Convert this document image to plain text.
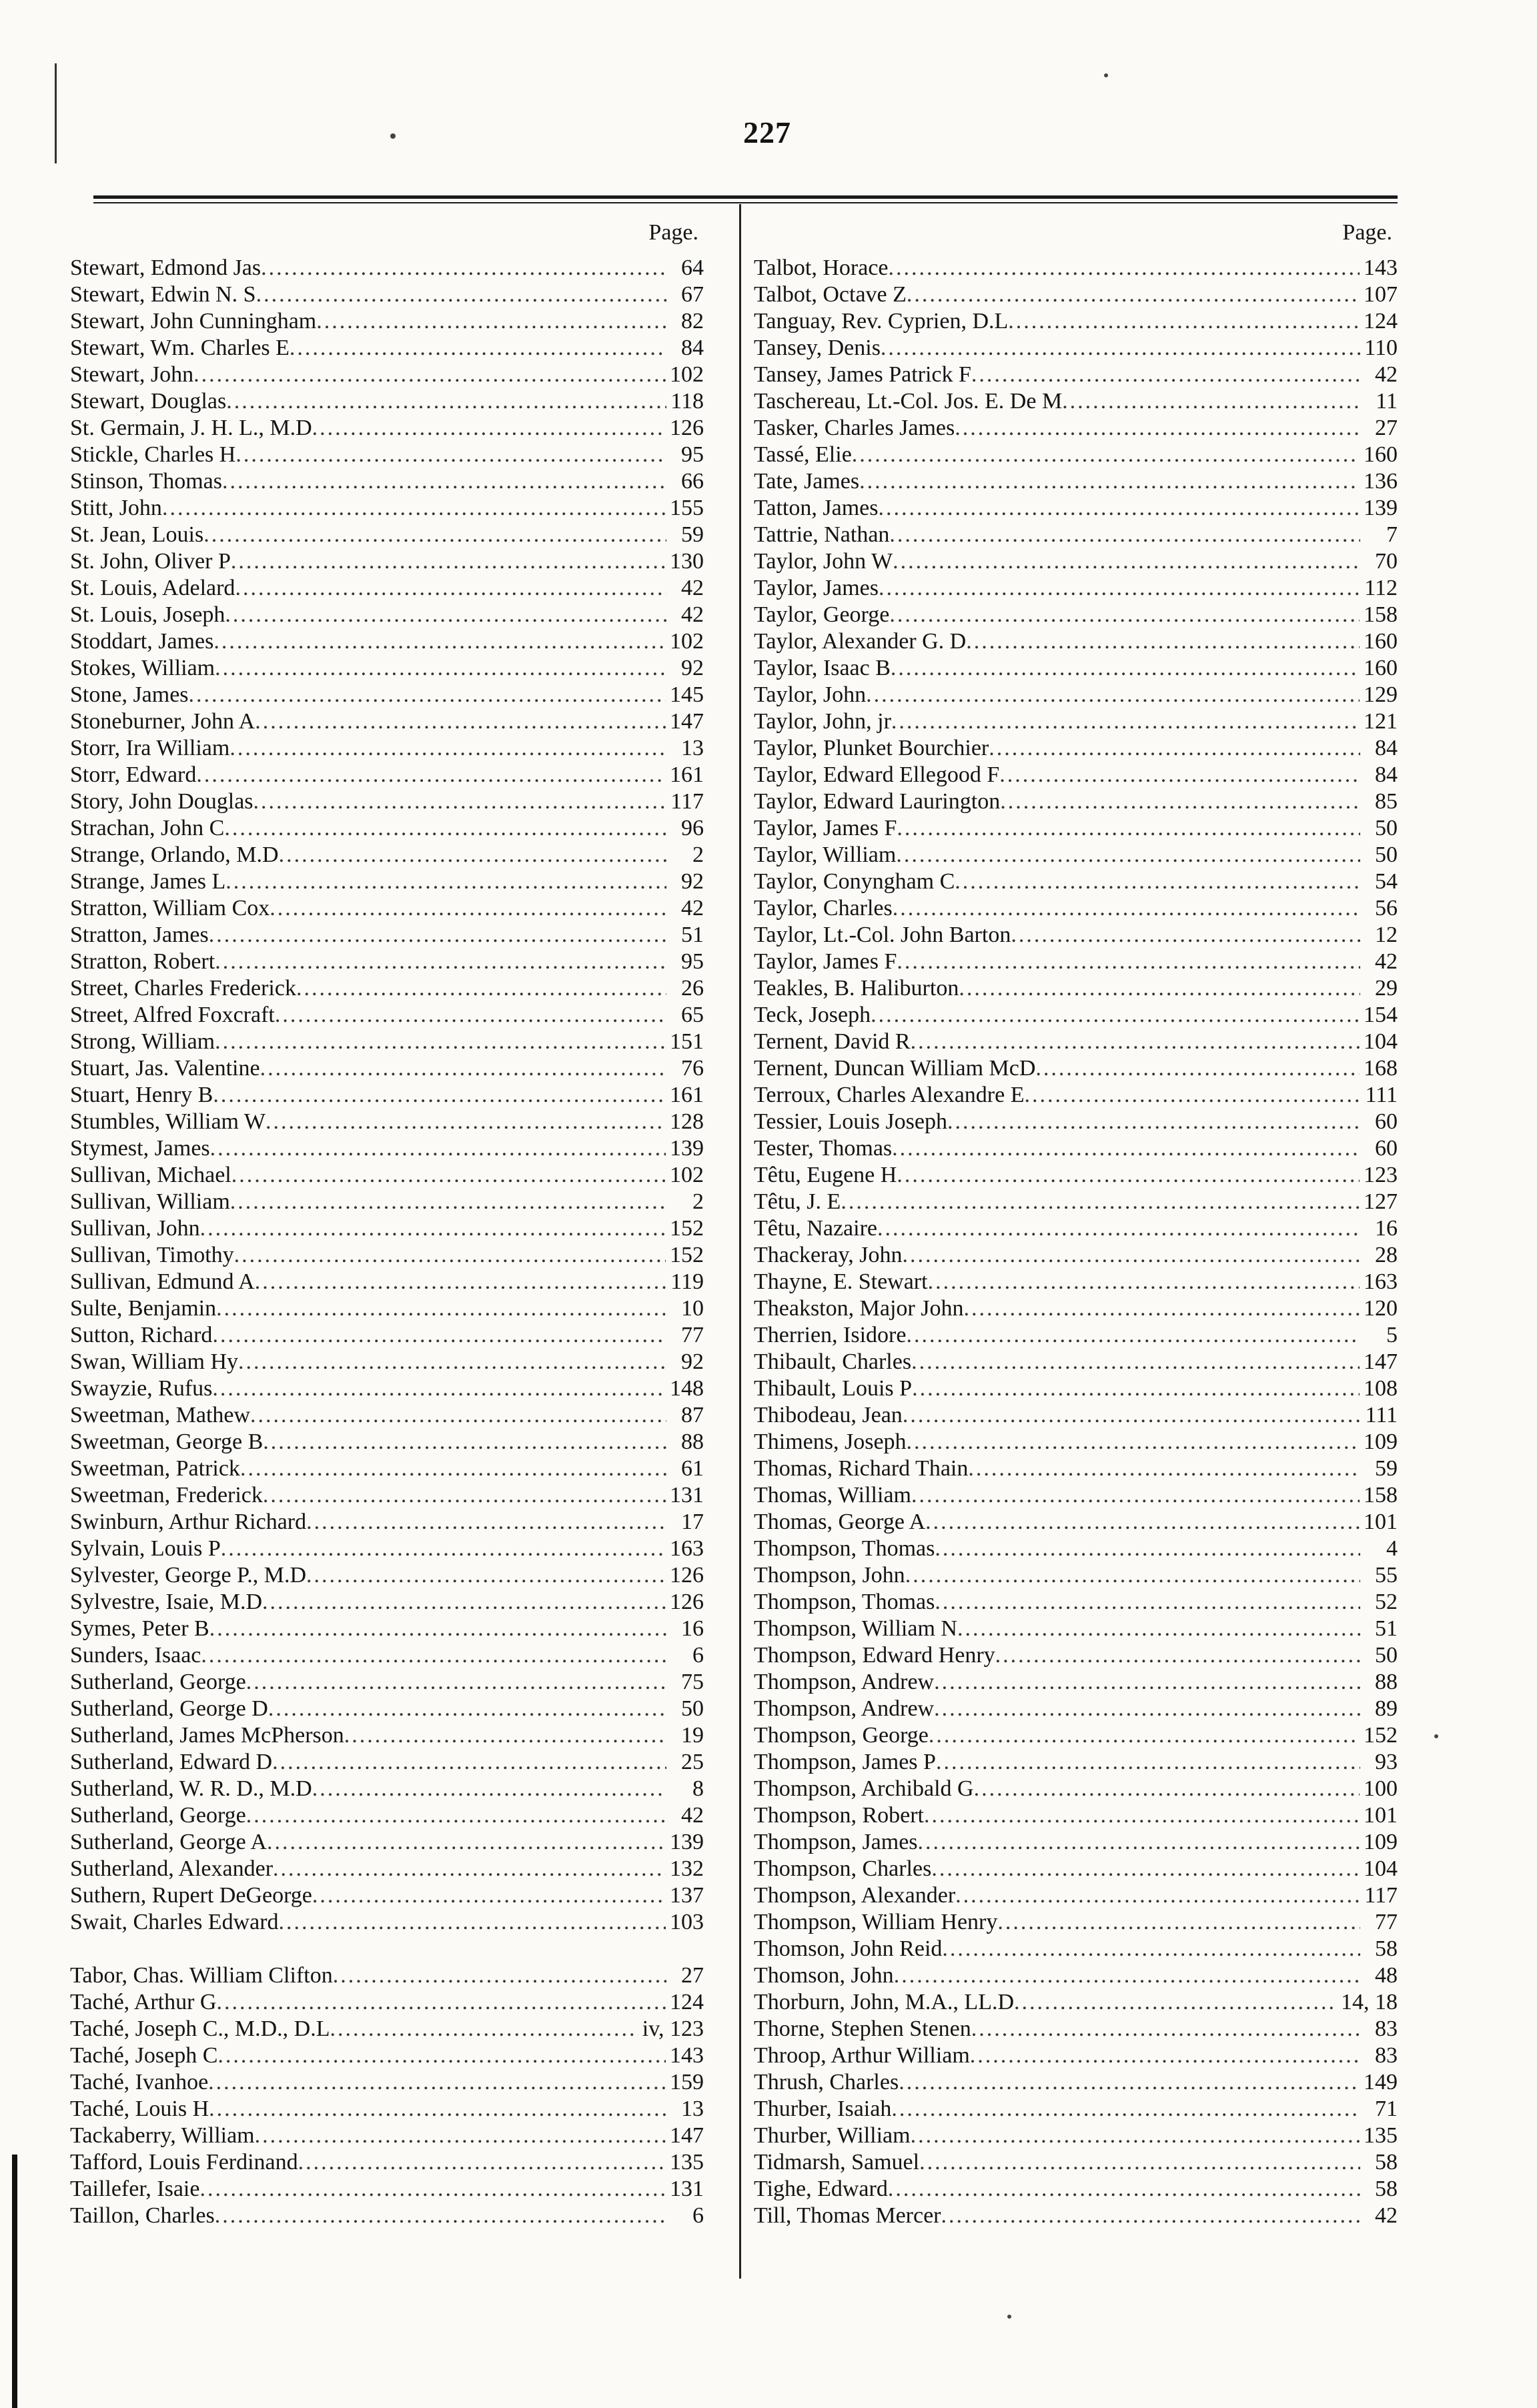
227
Page.
Stewart, Edmond Jas .....	64
Stewart, Edwin N. S .....	67
Stewart, John Cunningham .....	82
Stewart, Wm. Charles E .....	84
Stewart, John .....	102
Stewart, Douglas .....	118
St. Germain, J. H. L., M.D .....	126
Stickle, Charles H .....	95
Stinson, Thomas .....	66
Stitt, John .....	155
St. Jean, Louis .....	59
St. John, Oliver P .....	130
St. Louis, Adelard .....	42
St. Louis, Joseph .....	42
Stoddart, James .....	102
Stokes, William .....	92
Stone, James .....	145
Stoneburner, John A .....	147
Storr, Ira William .....	13
Storr, Edward .....	161
Story, John Douglas .....	117
Strachan, John C .....	96
Strange, Orlando, M.D .....	2
Strange, James L .....	92
Stratton, William Cox .....	42
Stratton, James .....	51
Stratton, Robert .....	95
Street, Charles Frederick .....	26
Street, Alfred Foxcraft .....	65
Strong, William .....	151
Stuart, Jas. Valentine .....	76
Stuart, Henry B .....	161
Stumbles, William W .....	128
Stymest, James .....	139
Sullivan, Michael .....	102
Sullivan, William .....	2
Sullivan, John .....	152
Sullivan, Timothy .....	152
Sullivan, Edmund A .....	119
Sulte, Benjamin .....	10
Sutton, Richard .....	77
Swan, William Hy .....	92
Swayzie, Rufus .....	148
Sweetman, Mathew .....	87
Sweetman, George B .....	88
Sweetman, Patrick .....	61
Sweetman, Frederick .....	131
Swinburn, Arthur Richard .....	17
Sylvain, Louis P .....	163
Sylvester, George P., M.D .....	126
Sylvestre, Isaie, M.D .....	126
Symes, Peter B .....	16
Sunders, Isaac .....	6
Sutherland, George .....	75
Sutherland, George D .....	50
Sutherland, James McPherson .....	19
Sutherland, Edward D .....	25
Sutherland, W. R. D., M.D .....	8
Sutherland, George .....	42
Sutherland, George A .....	139
Sutherland, Alexander .....	132
Suthern, Rupert DeGeorge .....	137
Swait, Charles Edward .....	103
Tabor, Chas. William Clifton .....	27
Taché, Arthur G .....	124
Taché, Joseph C., M.D., D.L .....	iv, 123
Taché, Joseph C .....	143
Taché, Ivanhoe .....	159
Taché, Louis H .....	13
Tackaberry, William .....	147
Tafford, Louis Ferdinand .....	135
Taillefer, Isaie .....	131
Taillon, Charles .....	6
Page.
Talbot, Horace .....	143
Talbot, Octave Z .....	107
Tanguay, Rev. Cyprien, D.L .....	124
Tansey, Denis .....	110
Tansey, James Patrick F .....	42
Taschereau, Lt.-Col. Jos. E. De M .....	11
Tasker, Charles James .....	27
Tassé, Elie .....	160
Tate, James .....	136
Tatton, James .....	139
Tattrie, Nathan .....	7
Taylor, John W .....	70
Taylor, James .....	112
Taylor, George .....	158
Taylor, Alexander G. D .....	160
Taylor, Isaac B .....	160
Taylor, John .....	129
Taylor, John, jr .....	121
Taylor, Plunket Bourchier .....	84
Taylor, Edward Ellegood F .....	84
Taylor, Edward Laurington .....	85
Taylor, James F .....	50
Taylor, William .....	50
Taylor, Conyngham C .....	54
Taylor, Charles .....	56
Taylor, Lt.-Col. John Barton .....	12
Taylor, James F .....	42
Teakles, B. Haliburton .....	29
Teck, Joseph .....	154
Ternent, David R .....	104
Ternent, Duncan William McD .....	168
Terroux, Charles Alexandre E .....	111
Tessier, Louis Joseph .....	60
Tester, Thomas .....	60
Têtu, Eugene H .....	123
Têtu, J. E .....	127
Têtu, Nazaire .....	16
Thackeray, John .....	28
Thayne, E. Stewart .....	163
Theakston, Major John .....	120
Therrien, Isidore .....	5
Thibault, Charles .....	147
Thibault, Louis P .....	108
Thibodeau, Jean .....	111
Thimens, Joseph .....	109
Thomas, Richard Thain .....	59
Thomas, William .....	158
Thomas, George A .....	101
Thompson, Thomas .....	4
Thompson, John .....	55
Thompson, Thomas .....	52
Thompson, William N .....	51
Thompson, Edward Henry .....	50
Thompson, Andrew .....	88
Thompson, Andrew .....	89
Thompson, George .....	152
Thompson, James P .....	93
Thompson, Archibald G .....	100
Thompson, Robert .....	101
Thompson, James .....	109
Thompson, Charles .....	104
Thompson, Alexander .....	117
Thompson, William Henry .....	77
Thomson, John Reid .....	58
Thomson, John .....	48
Thorburn, John, M.A., LL.D .....	14, 18
Thorne, Stephen Stenen .....	83
Throop, Arthur William .....	83
Thrush, Charles .....	149
Thurber, Isaiah .....	71
Thurber, William .....	135
Tidmarsh, Samuel .....	58
Tighe, Edward .....	58
Till, Thomas Mercer .....	42
